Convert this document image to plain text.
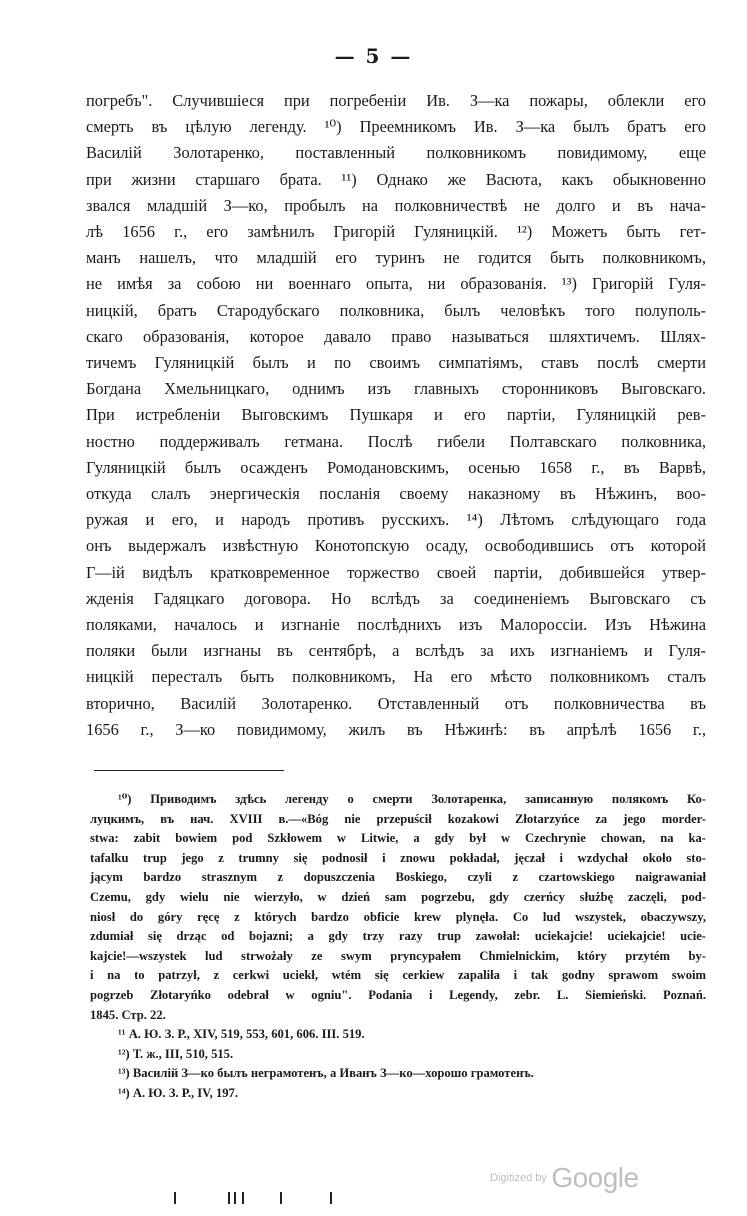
— 5 —
погребъ". Случившіеся при погребеніи Ив. З—ка пожары, облекли его
смерть въ цѣлую легенду. ¹⁰) Преемникомъ Ив. З—ка былъ братъ его
Василій Золотаренко, поставленный полковникомъ повидимому, еще
при жизни старшаго брата. ¹¹) Однако же Васюта, какъ обыкновенно
звался младшій З—ко, пробылъ на полковничествѣ не долго и въ нача-
лѣ 1656 г., его замѣнилъ Григорій Гуляницкій. ¹²) Можетъ быть гет-
манъ нашелъ, что младшій его туринъ не годится быть полковникомъ,
не имѣя за собою ни военнаго опыта, ни образованія. ¹³) Григорій Гуля-
ницкій, братъ Стародубскаго полковника, былъ человѣкъ того полуполь-
скаго образованія, которое давало право называться шляхтичемъ. Шлях-
тичемъ Гуляницкій былъ и по своимъ симпатіямъ, ставъ послѣ смерти
Богдана Хмельницкаго, однимъ изъ главныхъ сторонниковъ Выговскаго.
При истребленіи Выговскимъ Пушкаря и его партіи, Гуляницкій рев-
ностно поддерживалъ гетмана. Послѣ гибели Полтавскаго полковника,
Гуляницкій былъ осажденъ Ромодановскимъ, осенью 1658 г., въ Варвѣ,
откуда слалъ энергическія посланія своему наказному въ Нѣжинъ, воо-
ружая и его, и народъ противъ русскихъ. ¹⁴) Лѣтомъ слѣдующаго года
онъ выдержалъ извѣстную Конотопскую осаду, освободившись отъ которой
Г—ій видѣлъ кратковременное торжество своей партіи, добившейся утвер-
жденія Гадяцкаго договора. Но вслѣдъ за соединеніемъ Выговскаго съ
поляками, началось и изгнаніе послѣднихъ изъ Малороссіи. Изъ Нѣжина
поляки были изгнаны въ сентябрѣ, а вслѣдъ за ихъ изгнаніемъ и Гуля-
ницкій пересталъ быть полковникомъ, На его мѣсто полковникомъ сталъ
вторично, Василій Золотаренко. Отставленный отъ полковничества въ
1656 г., З—ко повидимому, жилъ въ Нѣжинѣ: въ апрѣлѣ 1656 г.,
¹⁰) Приводимъ здѣсь легенду о смерти Золотаренка, записанную полякомъ Ко-
луцкимъ, въ нач. XVIII в.—«Bóg nie przepuścił kozakowi Złotarzyńce za jego morder-
stwa: zabit bowiem pod Szkłowem w Litwie, a gdy był w Czechrynie chowan, na ka-
tafalku trup jego z trumny się podnosił i znowu pokładał, jęczał i wzdychał około sto-
jącym bardzo strasznym z dopuszczenia Boskiego, czyli z czartowskiego naigrawaniał
Czemu, gdy wielu nie wierzyło, w dzień sam pogrzebu, gdy czerńcy służbę zaczęli, pod-
niosł do góry ręcę z których bardzo obficie krew plynęła. Co lud wszystek, obaczywszy,
zdumiał się drząc od bojazni; a gdy trzy razy trup zawołał: uciekajcie! uciekajcie! ucie-
kajcie!—wszystek lud strwożały ze swym pryncypałem Chmielnickim, który przytém by-
i na to patrzył, z cerkwi uciekł, wtém się cerkiew zapaliła i tak godny sprawom swoim
pogrzeb Złotaryńko odebrał w ogniu". Podania i Legendy, zebr. L. Siemieński. Poznań.
1845. Стр. 22.
¹¹ А. Ю. З. Р., XIV, 519, 553, 601, 606. III. 519.
¹²) Т. ж., III, 510, 515.
¹³) Василій З—ко былъ неграмотенъ, а Иванъ З—ко—хорошо грамотенъ.
¹⁴) А. Ю. З. Р., IV, 197.
Digitized by Google
